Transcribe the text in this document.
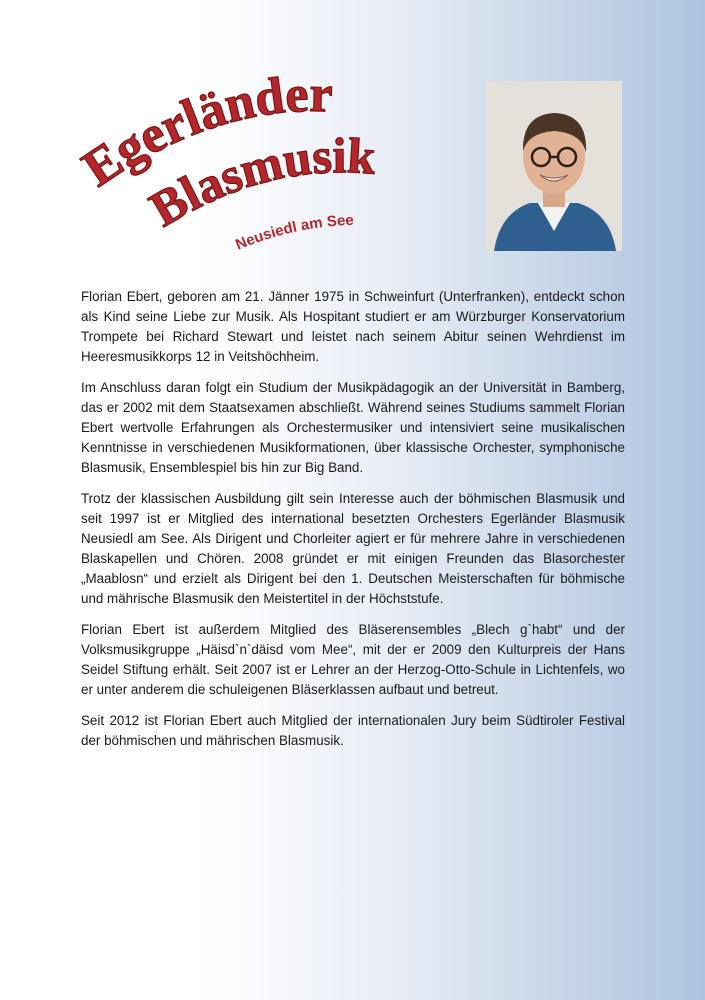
Egerländer
Blasmusik
Neusiedl am See

Florian Ebert, geboren am 21. Jänner 1975 in Schweinfurt (Unterfranken), entdeckt schon als Kind seine Liebe zur Musik. Als Hospitant studiert er am Würzburger Konservatorium Trompete bei Richard Stewart und leistet nach seinem Abitur seinen Wehrdienst im Heeresmusikkorps 12 in Veitshöchheim.

Im Anschluss daran folgt ein Studium der Musikpädagogik an der Universität in Bamberg, das er 2002 mit dem Staatsexamen abschließt. Während seines Studiums sammelt Florian Ebert wertvolle Erfahrungen als Orchestermusiker und intensiviert seine musikalischen Kenntnisse in verschiedenen Musikformationen, über klassische Orchester, symphonische Blasmusik, Ensemblespiel bis hin zur Big Band.

Trotz der klassischen Ausbildung gilt sein Interesse auch der böhmischen Blasmusik und seit 1997 ist er Mitglied des international besetzten Orchesters Egerländer Blasmusik Neusiedl am See. Als Dirigent und Chorleiter agiert er für mehrere Jahre in verschiedenen Blaskapellen und Chören. 2008 gründet er mit einigen Freunden das Blasorchester „Maablosn“ und erzielt als Dirigent bei den 1. Deutschen Meisterschaften für böhmische und mährische Blasmusik den Meistertitel in der Höchststufe.

Florian Ebert ist außerdem Mitglied des Bläserensembles „Blech g`habt“ und der Volksmusikgruppe „Häisd`n`däisd vom Mee“, mit der er 2009 den Kulturpreis der Hans Seidel Stiftung erhält. Seit 2007 ist er Lehrer an der Herzog-Otto-Schule in Lichtenfels, wo er unter anderem die schuleigenen Bläserklassen aufbaut und betreut.

Seit 2012 ist Florian Ebert auch Mitglied der internationalen Jury beim Südtiroler Festival der böhmischen und mährischen Blasmusik.
